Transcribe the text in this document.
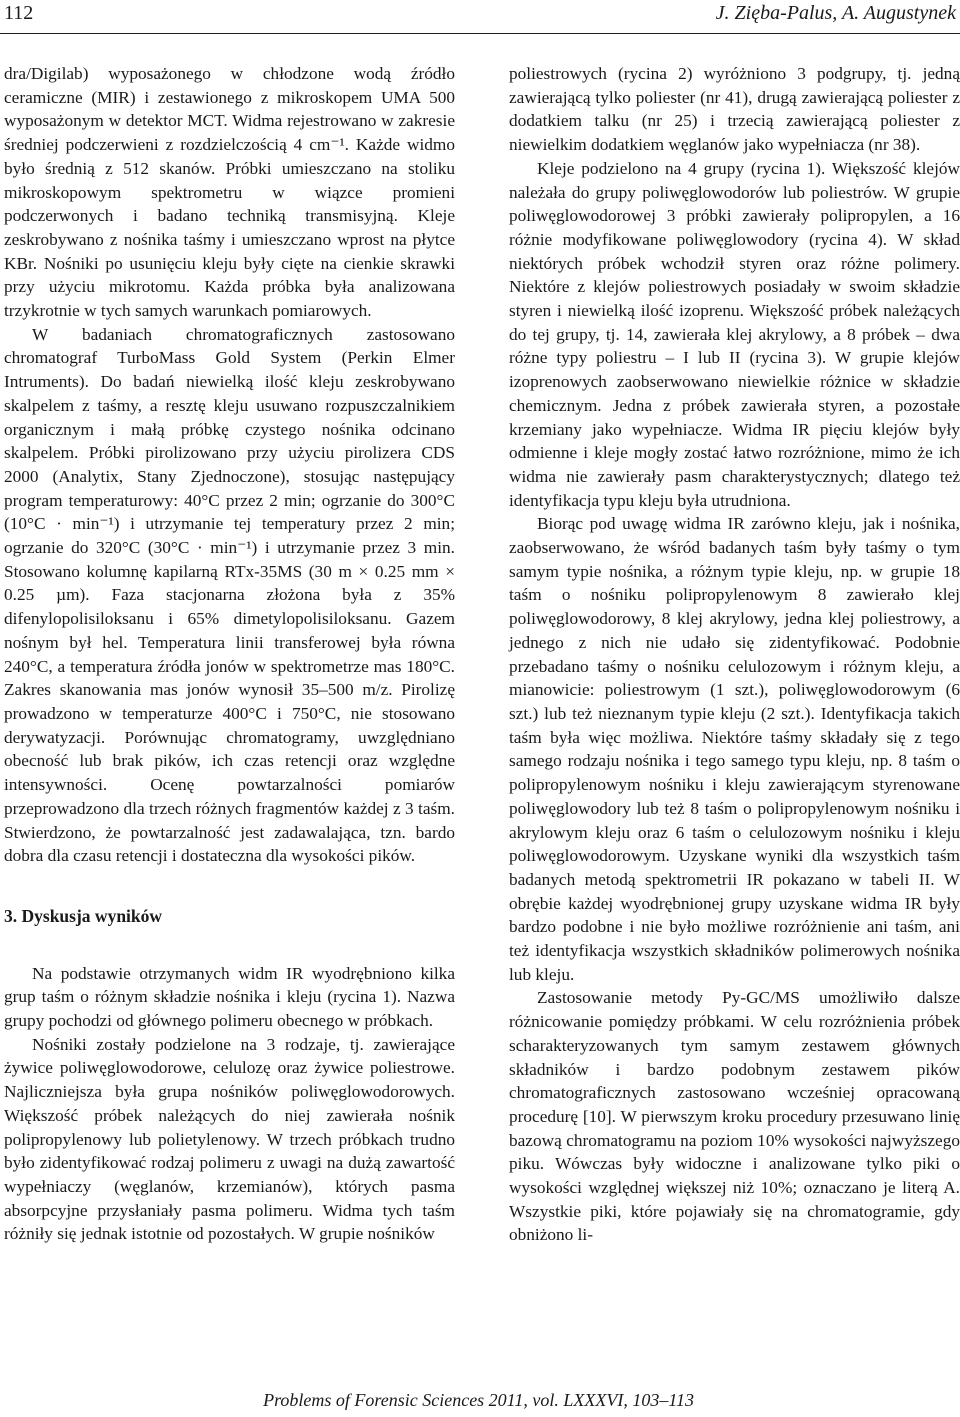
112	J. Zięba-Palus, A. Augustynek

dra/Digilab) wyposażonego w chłodzone wodą źródło ceramiczne (MIR) i zestawionego z mikroskopem UMA 500 wyposażonym w detektor MCT. Widma rejestrowano w zakresie średniej podczerwieni z rozdzielczością 4 cm⁻¹. Każde widmo było średnią z 512 skanów. Próbki umieszczano na stoliku mikroskopowym spektrometru w wiązce promieni podczerwonych i badano techniką transmisyjną. Kleje zeskrobywano z nośnika taśmy i umieszczano wprost na płytce KBr. Nośniki po usunięciu kleju były cięte na cienkie skrawki przy użyciu mikrotomu. Każda próbka była analizowana trzykrotnie w tych samych warunkach pomiarowych.

W badaniach chromatograficznych zastosowano chromatograf TurboMass Gold System (Perkin Elmer Intruments). Do badań niewielką ilość kleju zeskrobywano skalpelem z taśmy, a resztę kleju usuwano rozpuszczalnikiem organicznym i małą próbkę czystego nośnika odcinano skalpelem. Próbki pirolizowano przy użyciu pirolizera CDS 2000 (Analytix, Stany Zjednoczone), stosując następujący program temperaturowy: 40°C przez 2 min; ogrzanie do 300°C (10°C · min⁻¹) i utrzymanie tej temperatury przez 2 min; ogrzanie do 320°C (30°C · min⁻¹) i utrzymanie przez 3 min. Stosowano kolumnę kapilarną RTx-35MS (30 m × 0.25 mm × 0.25 µm). Faza stacjonarna złożona była z 35% difenylopolisiloksanu i 65% dimetylopolisiloksanu. Gazem nośnym był hel. Temperatura linii transferowej była równa 240°C, a temperatura źródła jonów w spektrometrze mas 180°C. Zakres skanowania mas jonów wynosił 35–500 m/z. Pirolizę prowadzono w temperaturze 400°C i 750°C, nie stosowano derywatyzacji. Porównując chromatogramy, uwzględniano obecność lub brak pików, ich czas retencji oraz względne intensywności. Ocenę powtarzalności pomiarów przeprowadzono dla trzech różnych fragmentów każdej z 3 taśm. Stwierdzono, że powtarzalność jest zadawalająca, tzn. bardo dobra dla czasu retencji i dostateczna dla wysokości pików.

3. Dyskusja wyników

Na podstawie otrzymanych widm IR wyodrębniono kilka grup taśm o różnym składzie nośnika i kleju (rycina 1). Nazwa grupy pochodzi od głównego polimeru obecnego w próbkach.

Nośniki zostały podzielone na 3 rodzaje, tj. zawierające żywice poliwęglowodorowe, celulozę oraz żywice poliestrowe. Najliczniejsza była grupa nośników poliwęglowodorowych. Większość próbek należących do niej zawierała nośnik polipropylenowy lub polietylenowy. W trzech próbkach trudno było zidentyfikować rodzaj polimeru z uwagi na dużą zawartość wypełniaczy (węglanów, krzemianów), których pasma absorpcyjne przysłaniały pasma polimeru. Widma tych taśm różniły się jednak istotnie od pozostałych. W grupie nośników

poliestrowych (rycina 2) wyróżniono 3 podgrupy, tj. jedną zawierającą tylko poliester (nr 41), drugą zawierającą poliester z dodatkiem talku (nr 25) i trzecią zawierającą poliester z niewielkim dodatkiem węglanów jako wypełniacza (nr 38).

Kleje podzielono na 4 grupy (rycina 1). Większość klejów należała do grupy poliwęglowodorów lub poliestrów. W grupie poliwęglowodorowej 3 próbki zawierały polipropylen, a 16 różnie modyfikowane poliwęglowodory (rycina 4). W skład niektórych próbek wchodził styren oraz różne polimery. Niektóre z klejów poliestrowych posiadały w swoim składzie styren i niewielką ilość izoprenu. Większość próbek należących do tej grupy, tj. 14, zawierała klej akrylowy, a 8 próbek – dwa różne typy poliestru – I lub II (rycina 3). W grupie klejów izoprenowych zaobserwowano niewielkie różnice w składzie chemicznym. Jedna z próbek zawierała styren, a pozostałe krzemiany jako wypełniacze. Widma IR pięciu klejów były odmienne i kleje mogły zostać łatwo rozróżnione, mimo że ich widma nie zawierały pasm charakterystycznych; dlatego też identyfikacja typu kleju była utrudniona.

Biorąc pod uwagę widma IR zarówno kleju, jak i nośnika, zaobserwowano, że wśród badanych taśm były taśmy o tym samym typie nośnika, a różnym typie kleju, np. w grupie 18 taśm o nośniku polipropylenowym 8 zawierało klej poliwęglowodorowy, 8 klej akrylowy, jedna klej poliestrowy, a jednego z nich nie udało się zidentyfikować. Podobnie przebadano taśmy o nośniku celulozowym i różnym kleju, a mianowicie: poliestrowym (1 szt.), poliwęglowodorowym (6 szt.) lub też nieznanym typie kleju (2 szt.). Identyfikacja takich taśm była więc możliwa. Niektóre taśmy składały się z tego samego rodzaju nośnika i tego samego typu kleju, np. 8 taśm o polipropylenowym nośniku i kleju zawierającym styrenowane poliwęglowodory lub też 8 taśm o polipropylenowym nośniku i akrylowym kleju oraz 6 taśm o celulozowym nośniku i kleju poliwęglowodorowym. Uzyskane wyniki dla wszystkich taśm badanych metodą spektrometrii IR pokazano w tabeli II. W obrębie każdej wyodrębnionej grupy uzyskane widma IR były bardzo podobne i nie było możliwe rozróżnienie ani taśm, ani też identyfikacja wszystkich składników polimerowych nośnika lub kleju.

Zastosowanie metody Py-GC/MS umożliwiło dalsze różnicowanie pomiędzy próbkami. W celu rozróżnienia próbek scharakteryzowanych tym samym zestawem głównych składników i bardzo podobnym zestawem pików chromatograficznych zastosowano wcześniej opracowaną procedurę [10]. W pierwszym kroku procedury przesuwano linię bazową chromatogramu na poziom 10% wysokości najwyższego piku. Wówczas były widoczne i analizowane tylko piki o wysokości względnej większej niż 10%; oznaczano je literą A. Wszystkie piki, które pojawiały się na chromatogramie, gdy obniżono li-

Problems of Forensic Sciences 2011, vol. LXXXVI, 103–113
